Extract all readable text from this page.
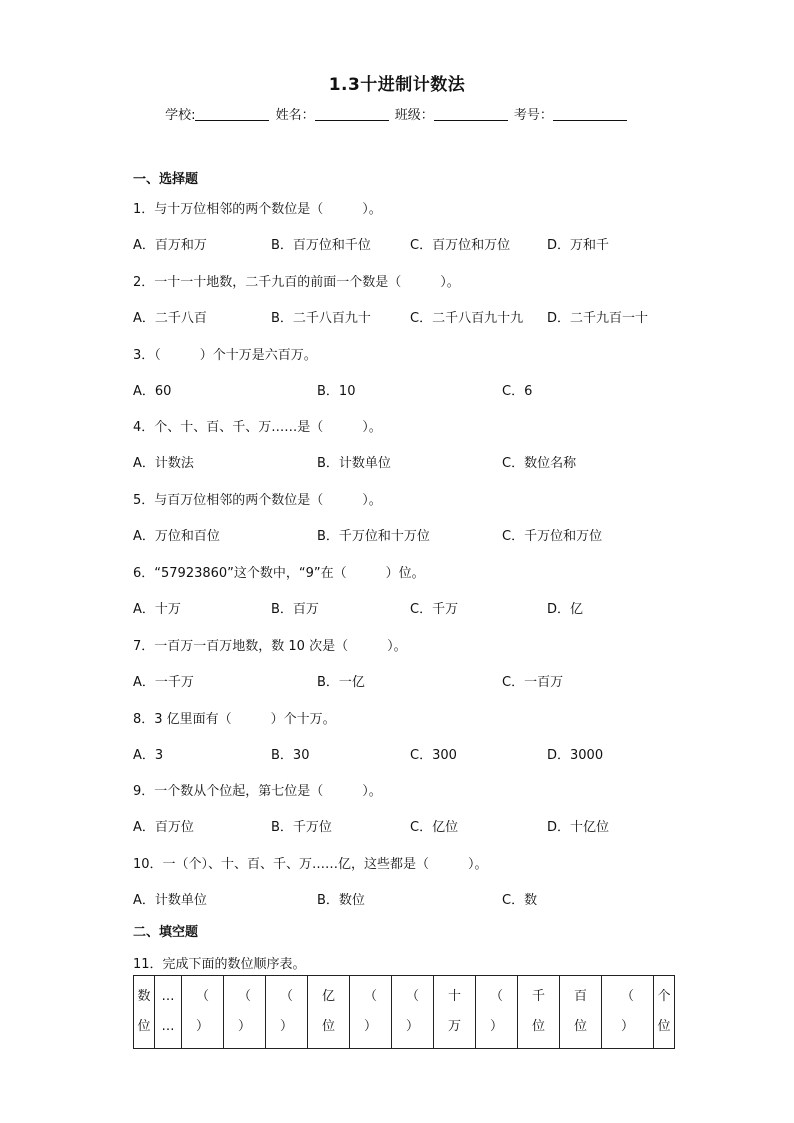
1.3十进制计数法
学校:	姓名：	班级：	考号：
一、选择题
1．与十万位相邻的两个数位是（　　　）。
A．百万和万	B．百万位和千位	C．百万位和万位	D．万和千
2．一十一十地数，二千九百的前面一个数是（　　　）。
A．二千八百	B．二千八百九十	C．二千八百九十九 D．二千九百一十
3．（　　　）个十万是六百万。
A．60	B．10	C．6
4．个、十、百、千、万……是（　　　）。
A．计数法	B．计数单位	C．数位名称
5．与百万位相邻的两个数位是（　　　）。
A．万位和百位	B．千万位和十万位	C．千万位和万位
6．“57923860”这个数中，“9”在（　　　）位。
A．十万	B．百万	C．千万	D．亿
7．一百万一百万地数，数 10 次是（　　　）。
A．一千万	B．一亿	C．一百万
8．3 亿里面有（　　　）个十万。
A．3	B．30	C．300	D．3000
9．一个数从个位起，第七位是（　　　）。
A．百万位	B．千万位	C．亿位	D．十亿位
10．一（个）、十、百、千、万……亿，这些都是（　　　）。
A．计数单位	B．数位	C．数
二、填空题
11．完成下面的数位顺序表。
数
位

…
…

（
）

（
）

（
）

亿
位

（
）

（
）

十
万

（
）

千
位

百
位

（
）

个
位
